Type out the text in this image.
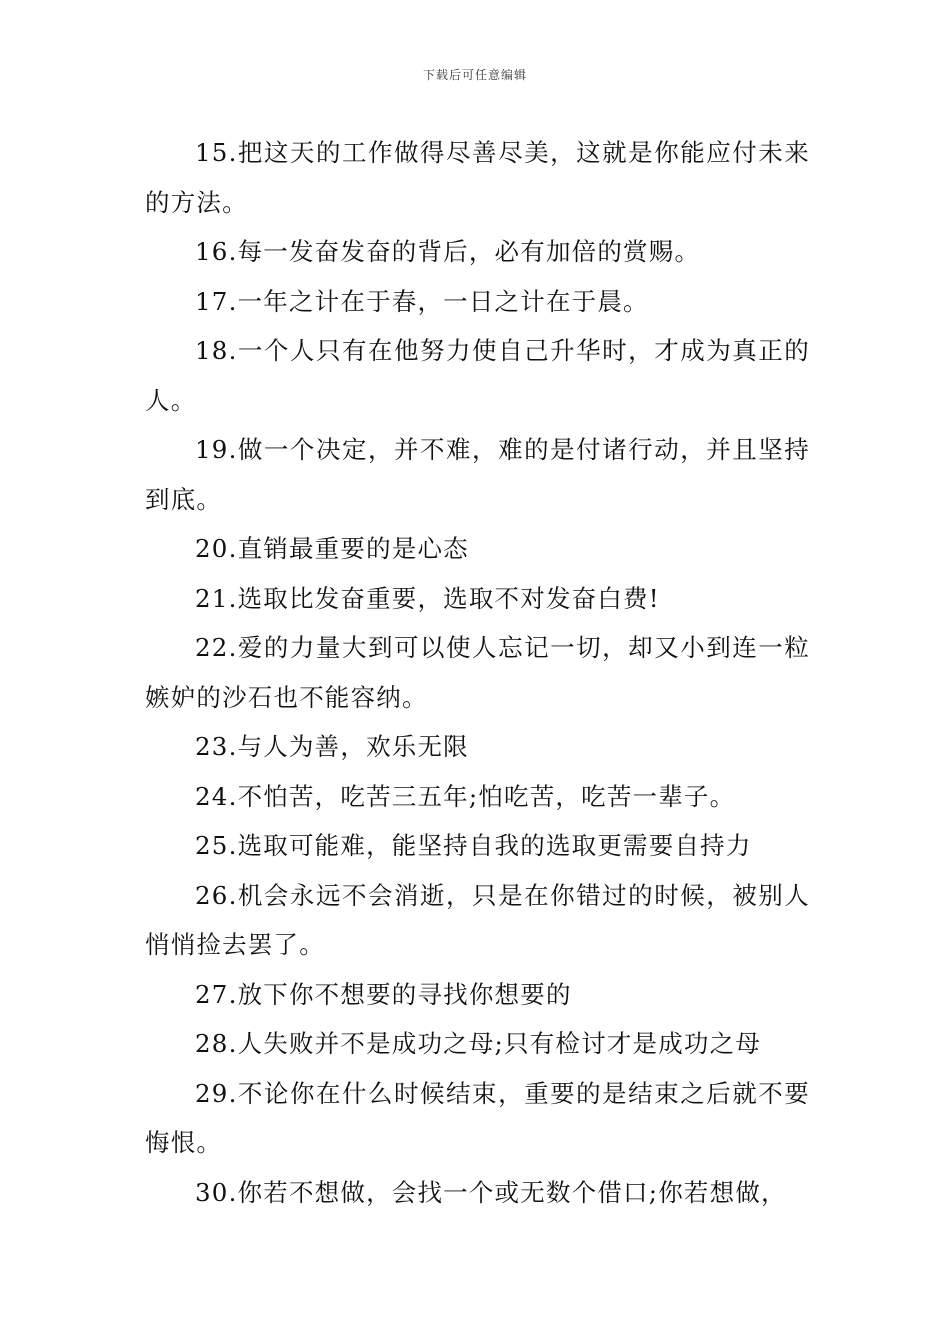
下载后可任意编辑

15.把这天的工作做得尽善尽美，这就是你能应付未来的方法。

16.每一发奋发奋的背后，必有加倍的赏赐。

17.一年之计在于春，一日之计在于晨。

18.一个人只有在他努力使自己升华时，才成为真正的人。

19.做一个决定，并不难，难的是付诸行动，并且坚持到底。

20.直销最重要的是心态

21.选取比发奋重要，选取不对发奋白费!

22.爱的力量大到可以使人忘记一切，却又小到连一粒嫉妒的沙石也不能容纳。

23.与人为善，欢乐无限

24.不怕苦，吃苦三五年;怕吃苦，吃苦一辈子。

25.选取可能难，能坚持自我的选取更需要自持力

26.机会永远不会消逝，只是在你错过的时候，被别人悄悄捡去罢了。

27.放下你不想要的寻找你想要的

28.人失败并不是成功之母;只有检讨才是成功之母

29.不论你在什么时候结束，重要的是结束之后就不要悔恨。

30.你若不想做，会找一个或无数个借口;你若想做，
